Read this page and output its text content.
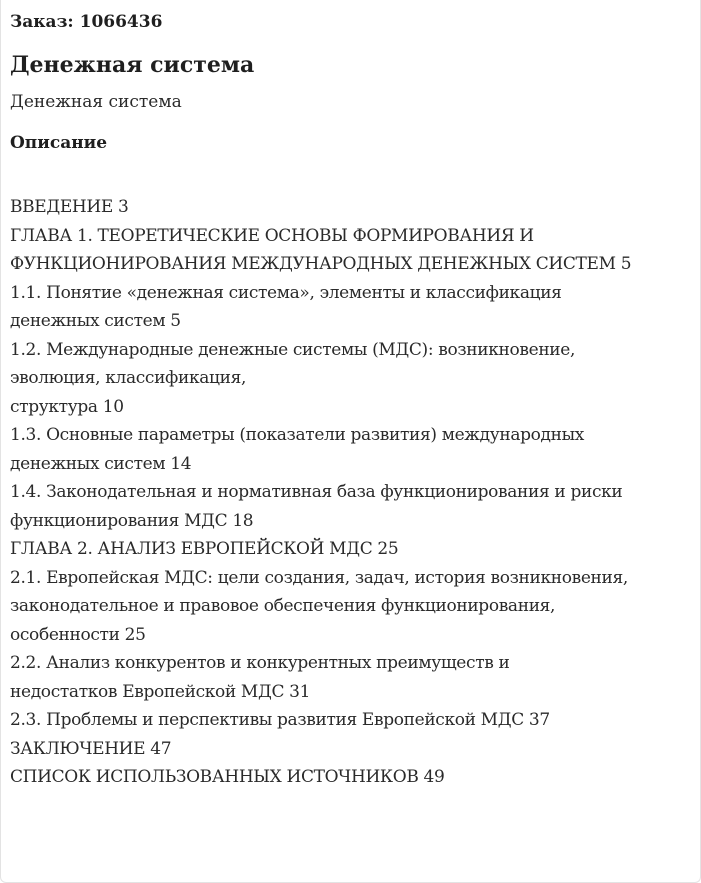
Заказ: 1066436
Денежная система
Денежная система
Описание
ВВЕДЕНИЕ 3
ГЛАВА 1. ТЕОРЕТИЧЕСКИЕ ОСНОВЫ ФОРМИРОВАНИЯ И
ФУНКЦИОНИРОВАНИЯ МЕЖДУНАРОДНЫХ ДЕНЕЖНЫХ СИСТЕМ 5
1.1. Понятие «денежная система», элементы и классификация
денежных систем 5
1.2. Международные денежные системы (МДС): возникновение,
эволюция, классификация,
структура 10
1.3. Основные параметры (показатели развития) международных
денежных систем 14
1.4. Законодательная и нормативная база функционирования и риски
функционирования МДС 18
ГЛАВА 2. АНАЛИЗ ЕВРОПЕЙСКОЙ МДС 25
2.1. Европейская МДС: цели создания, задач, история возникновения,
законодательное и правовое обеспечения функционирования,
особенности 25
2.2. Анализ конкурентов и конкурентных преимуществ и
недостатков Европейской МДС 31
2.3. Проблемы и перспективы развития Европейской МДС 37
ЗАКЛЮЧЕНИЕ 47
СПИСОК ИСПОЛЬЗОВАННЫХ ИСТОЧНИКОВ 49
